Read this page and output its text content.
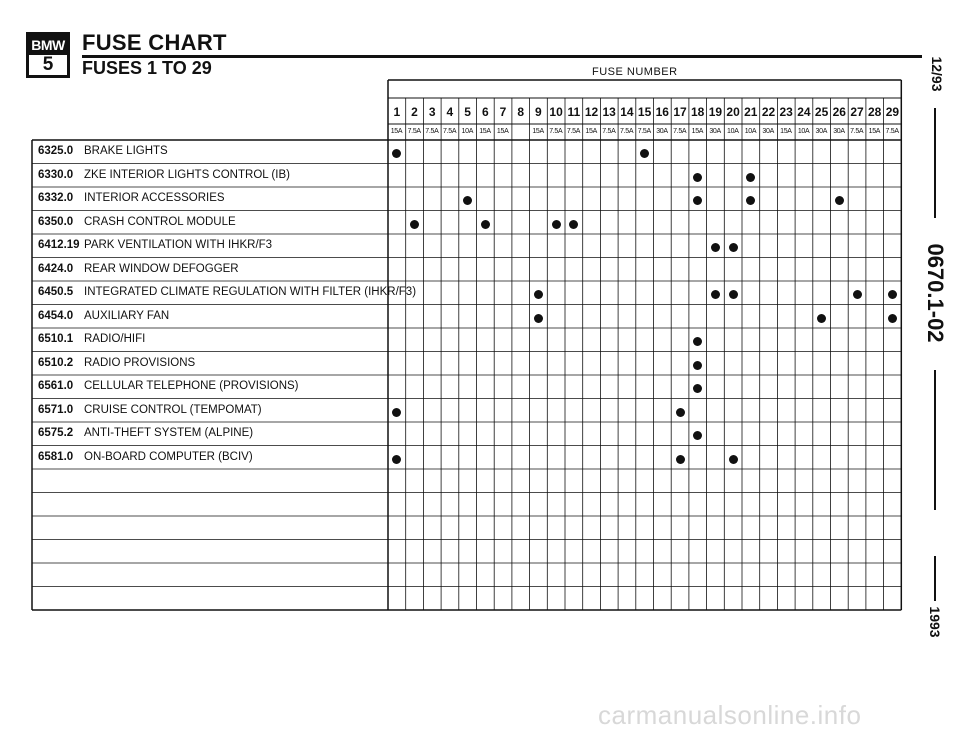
BMW
5
FUSE CHART
FUSES 1 TO 29	12/93
0670.1-02
1993
FUSE NUMBER
1
15A
2
7.5A
3
7.5A
4
7.5A
5
10A
6
15A
7
15A
8 9
15A
10
7.5A
11
7.5A
12
15A
13
7.5A
14
7.5A
15
7.5A
16
30A
17
7.5A
18
15A
19
30A
20
10A
21
10A
22
30A
23
15A
24
10A
25
30A
26
30A
27
7.5A
28
15A
29
7.5A
6325.0 BRAKE LIGHTS
6330.0 ZKE INTERIOR LIGHTS CONTROL (IB)
6332.0 INTERIOR ACCESSORIES
6350.0 CRASH CONTROL MODULE
6412.19 PARK VENTILATION WITH IHKR/F3
6424.0 REAR WINDOW DEFOGGER
6450.5 INTEGRATED CLIMATE REGULATION WITH FILTER (IHKR/F3)
6454.0 AUXILIARY FAN
6510.1 RADIO/HIFI
6510.2 RADIO PROVISIONS
6561.0 CELLULAR TELEPHONE (PROVISIONS)
6571.0 CRUISE CONTROL (TEMPOMAT)
6575.2 ANTI-THEFT SYSTEM (ALPINE)
6581.0 ON-BOARD COMPUTER (BCIV)
carmanualsonline.info
